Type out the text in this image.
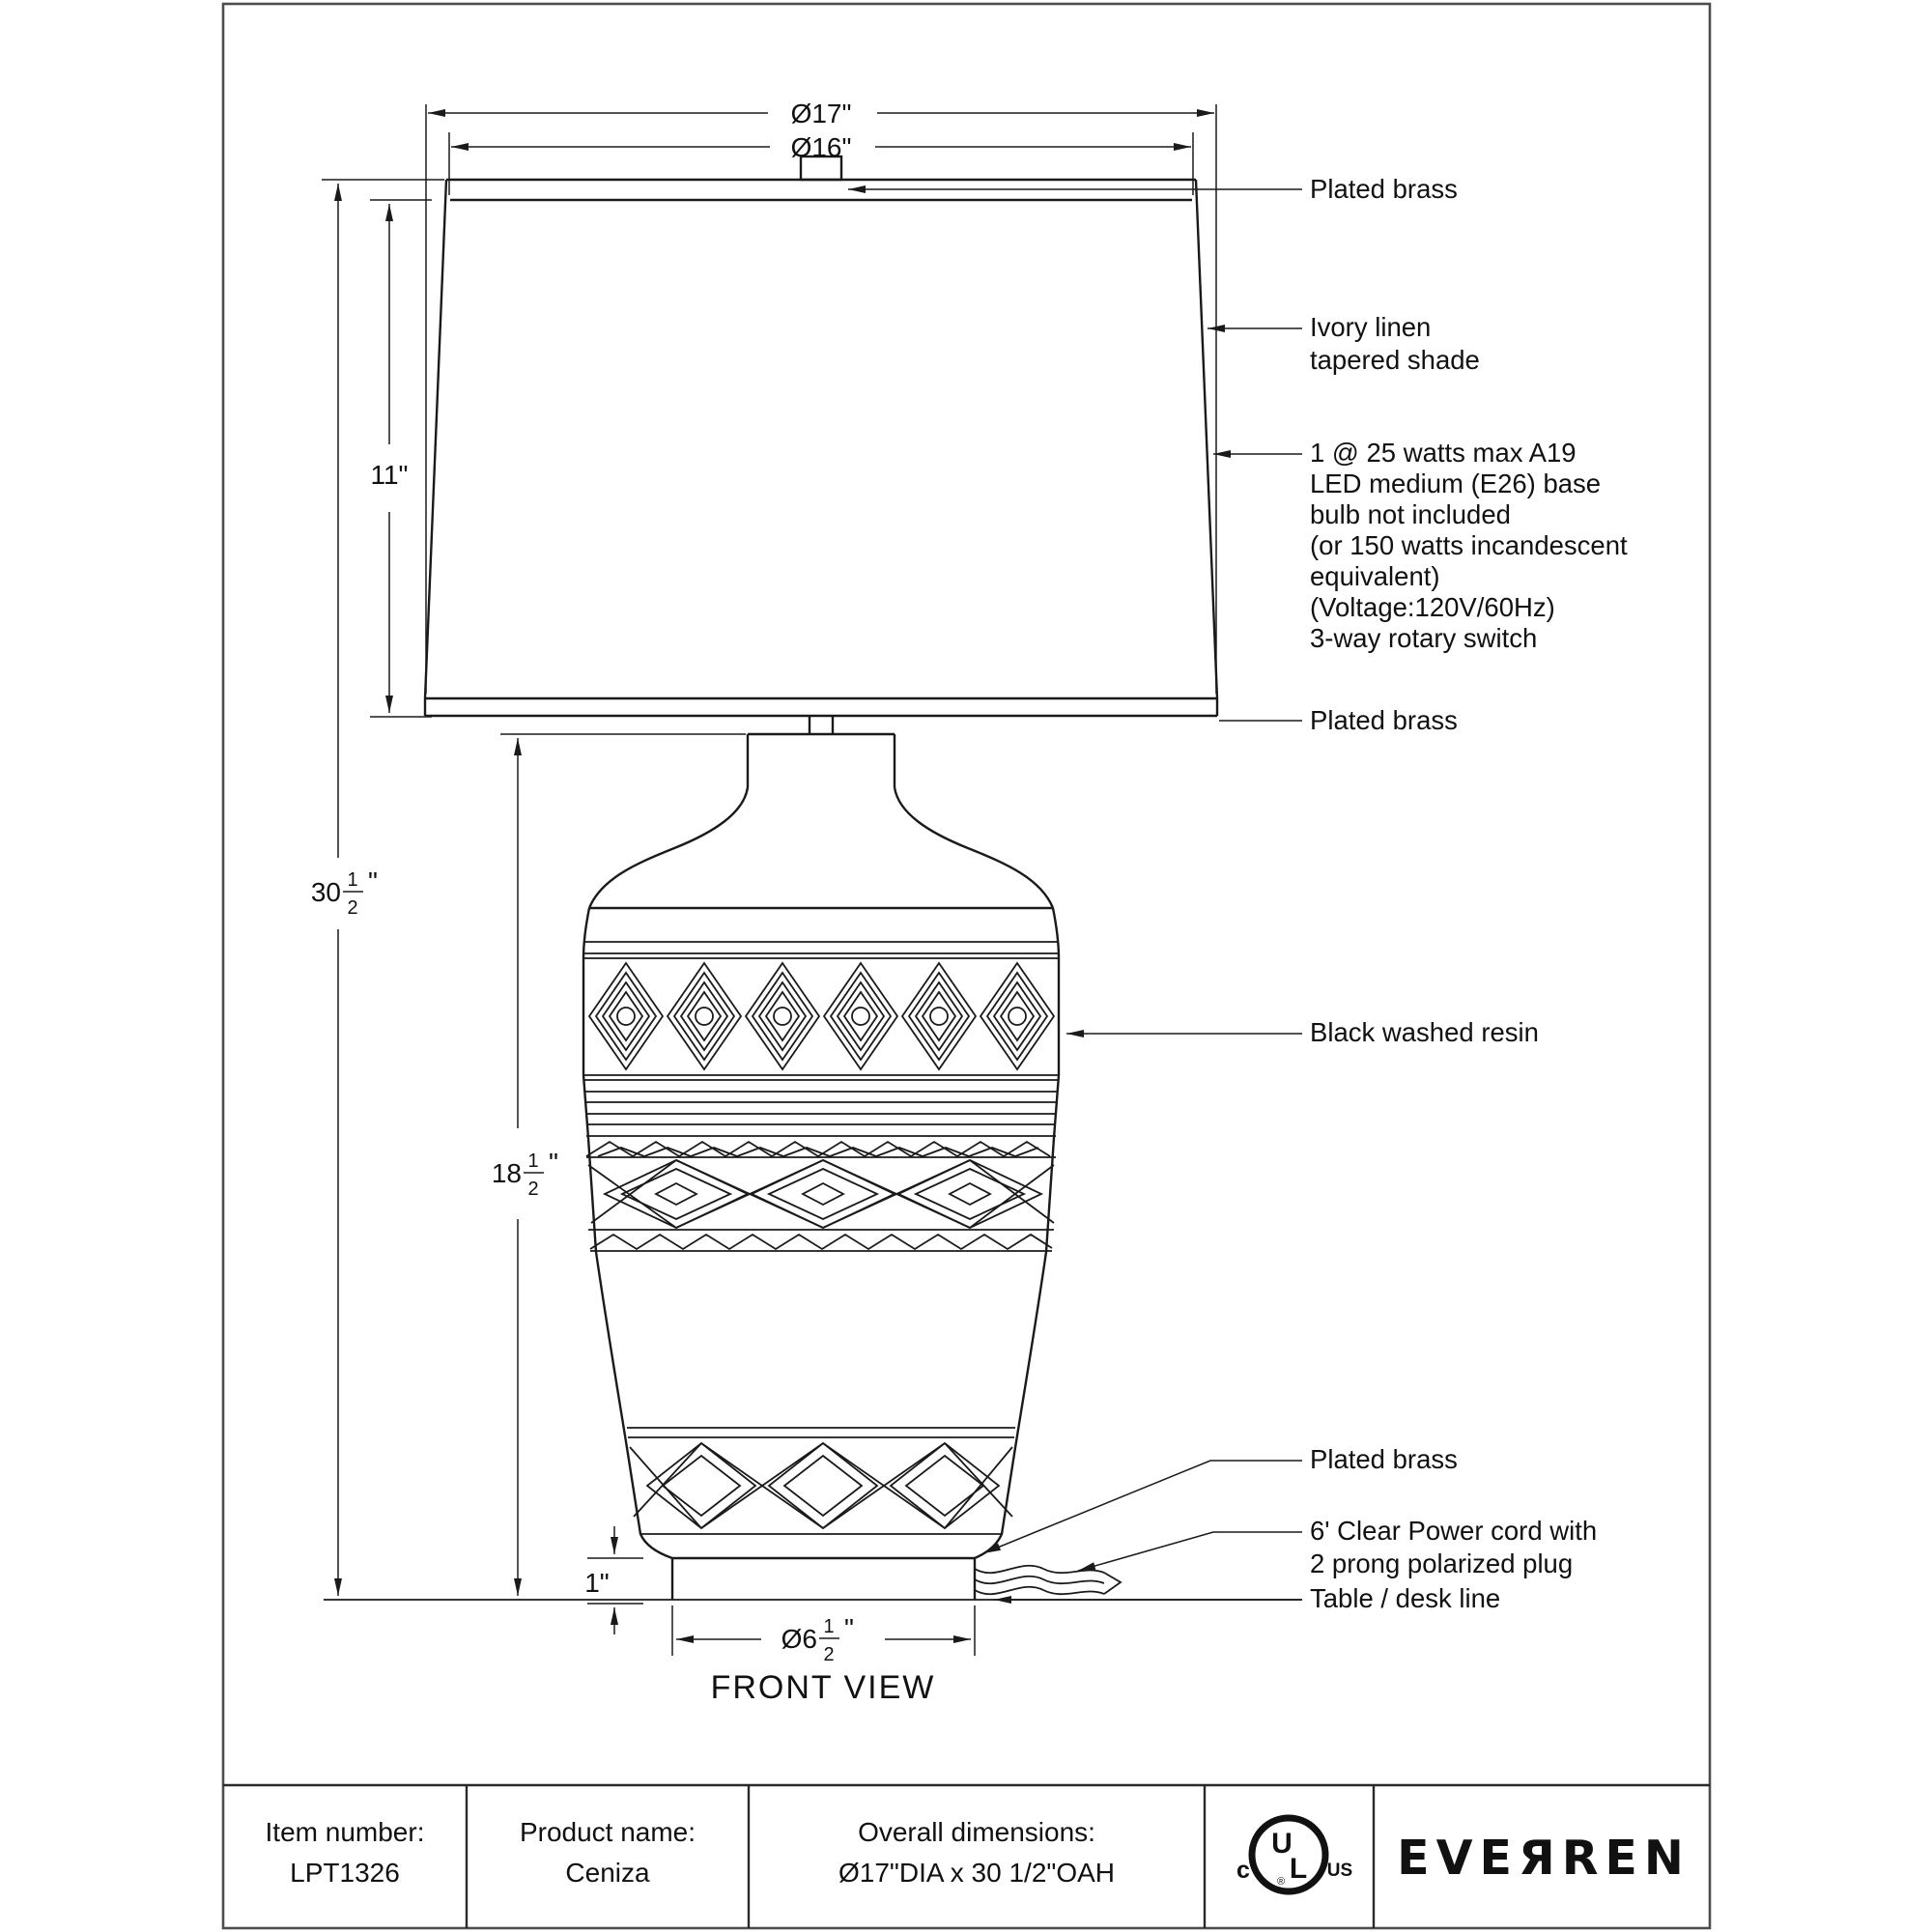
Ø17"
Ø16"
11"
30 1
2
"
18 1
2
"
1"
Ø6 1
2
"
Plated brass
Ivory linen
tapered shade
1 @ 25 watts max A19
LED medium (E26) base
bulb not included
(or 150 watts incandescent
equivalent)
(Voltage:120V/60Hz)
3-way rotary switch
Plated brass
Black washed resin
Plated brass
6' Clear Power cord with
2 prong polarized plug
Table / desk line
FRONT VIEW
Item number:
LPT1326
Product name:
Ceniza
Overall dimensions:
Ø17"DIA x 30 1/2"OAH
U
L
®
c	US EVEЯREN
